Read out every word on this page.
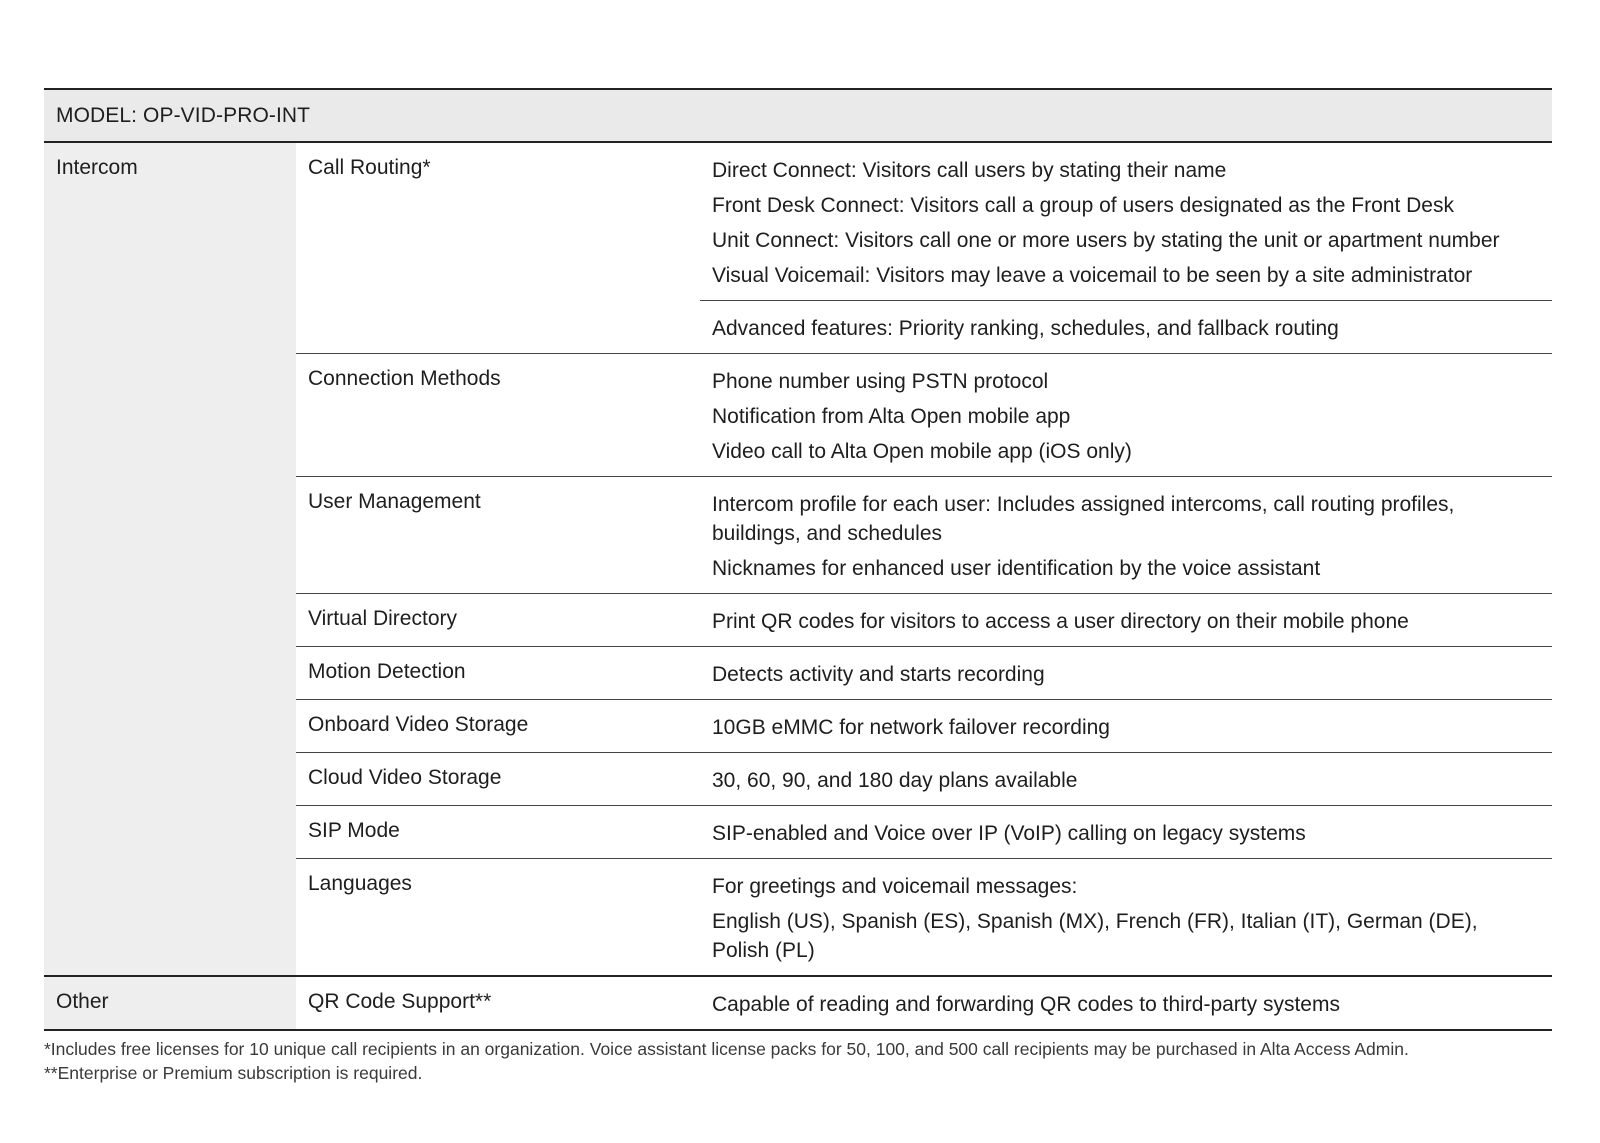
MODEL: OP-VID-PRO-INT
Intercom	Call Routing*	Direct Connect: Visitors call users by stating their name
Front Desk Connect: Visitors call a group of users designated as the Front Desk
Unit Connect: Visitors call one or more users by stating the unit or apartment number
Visual Voicemail: Visitors may leave a voicemail to be seen by a site administrator
Advanced features: Priority ranking, schedules, and fallback routing
Connection Methods	Phone number using PSTN protocol
Notification from Alta Open mobile app
Video call to Alta Open mobile app (iOS only)
User Management	Intercom profile for each user: Includes assigned intercoms, call routing profiles, buildings, and schedules
Nicknames for enhanced user identification by the voice assistant
Virtual Directory	Print QR codes for visitors to access a user directory on their mobile phone
Motion Detection	Detects activity and starts recording
Onboard Video Storage	10GB eMMC for network failover recording
Cloud Video Storage	30, 60, 90, and 180 day plans available
SIP Mode	SIP-enabled and Voice over IP (VoIP) calling on legacy systems
Languages	For greetings and voicemail messages:
English (US), Spanish (ES), Spanish (MX), French (FR), Italian (IT), German (DE), Polish (PL)
Other	QR Code Support**	Capable of reading and forwarding QR codes to third-party systems
*Includes free licenses for 10 unique call recipients in an organization. Voice assistant license packs for 50, 100, and 500 call recipients may be purchased in Alta Access Admin.
**Enterprise or Premium subscription is required.
